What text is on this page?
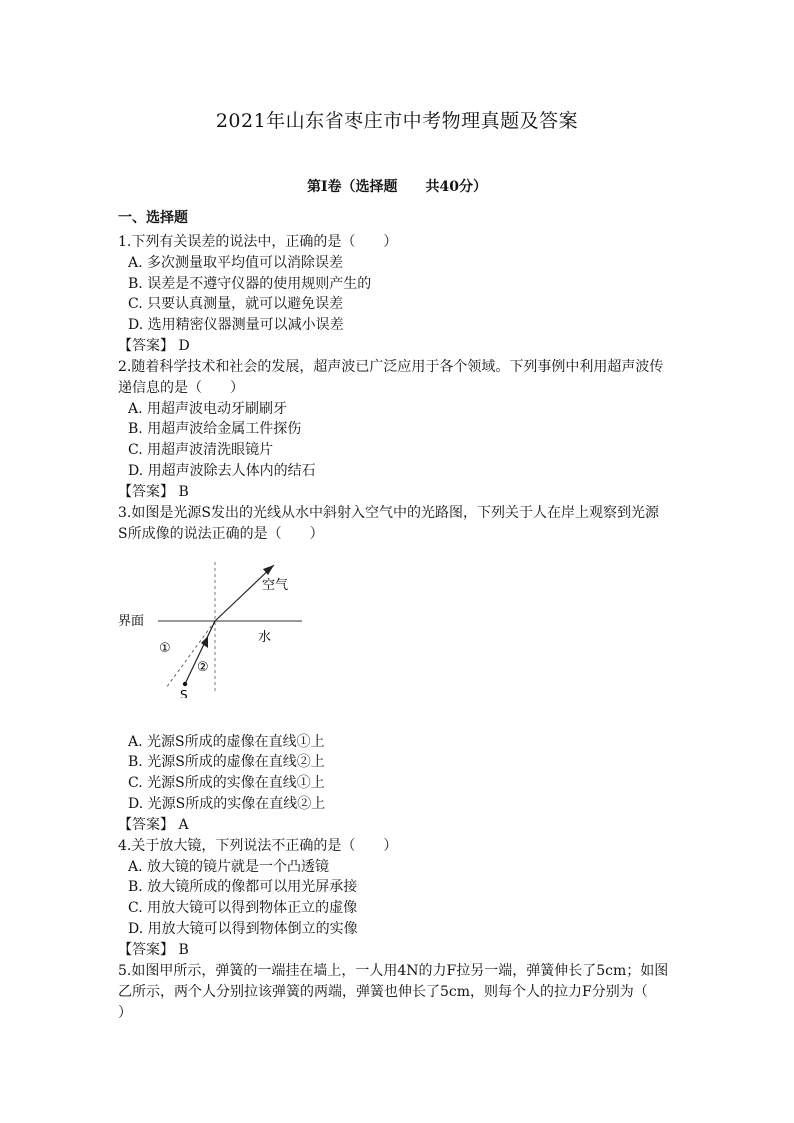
2021年山东省枣庄市中考物理真题及答案
第Ⅰ卷（选择题　　共40分）
一、选择题
1.下列有关误差的说法中，正确的是（　　）
A. 多次测量取平均值可以消除误差
B. 误差是不遵守仪器的使用规则产生的
C. 只要认真测量，就可以避免误差
D. 选用精密仪器测量可以减小误差
【答案】 D
2.随着科学技术和社会的发展，超声波已广泛应用于各个领域。下列事例中利用超声波传
递信息的是（　　）
A. 用超声波电动牙刷刷牙
B. 用超声波给金属工件探伤
C. 用超声波清洗眼镜片
D. 用超声波除去人体内的结石
【答案】 B
3.如图是光源S发出的光线从水中斜射入空气中的光路图，下列关于人在岸上观察到光源
S所成像的说法正确的是（　　）
界面
空气
水
S
①
②
A. 光源S所成的虚像在直线①上
B. 光源S所成的虚像在直线②上
C. 光源S所成的实像在直线①上
D. 光源S所成的实像在直线②上
【答案】 A
4.关于放大镜，下列说法不正确的是（　　）
A. 放大镜的镜片就是一个凸透镜
B. 放大镜所成的像都可以用光屏承接
C. 用放大镜可以得到物体正立的虚像
D. 用放大镜可以得到物体倒立的实像
【答案】 B
5.如图甲所示，弹簧的一端挂在墙上，一人用4N的力F拉另一端，弹簧伸长了5cm；如图
乙所示，两个人分别拉该弹簧的两端，弹簧也伸长了5cm，则每个人的拉力F分别为（
）
